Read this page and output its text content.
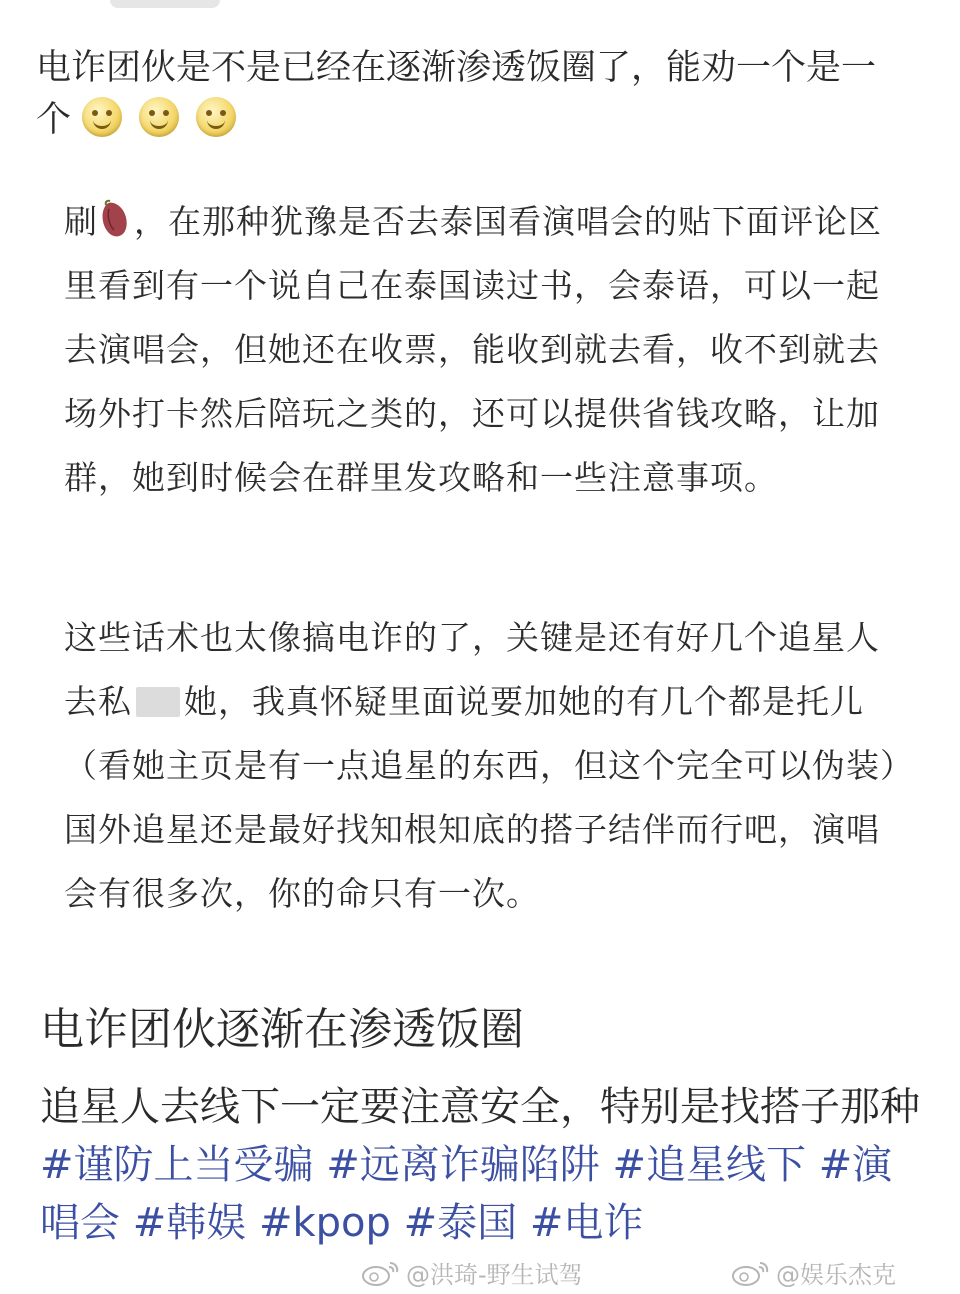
电诈团伙是不是已经在逐渐渗透饭圈了，能劝一个是一
个
刷 ，在那种犹豫是否去泰国看演唱会的贴下面评论区里看到有一个说自己在泰国读过书，会泰语，可以一起去演唱会，但她还在收票，能收到就去看，收不到就去场外打卡然后陪玩之类的，还可以提供省钱攻略，让加群，她到时候会在群里发攻略和一些注意事项。
这些话术也太像搞电诈的了，关键是还有好几个追星人去私 她，我真怀疑里面说要加她的有几个都是托儿（看她主页是有一点追星的东西，但这个完全可以伪装）国外追星还是最好找知根知底的搭子结伴而行吧，演唱会有很多次，你的命只有一次。
电诈团伙逐渐在渗透饭圈
追星人去线下一定要注意安全，特别是找搭子那种 #谨防上当受骗 #远离诈骗陷阱 #追星线下 #演唱会 #韩娱 #kpop #泰国 #电诈
@洪琦-野生试驾	@娱乐杰克
